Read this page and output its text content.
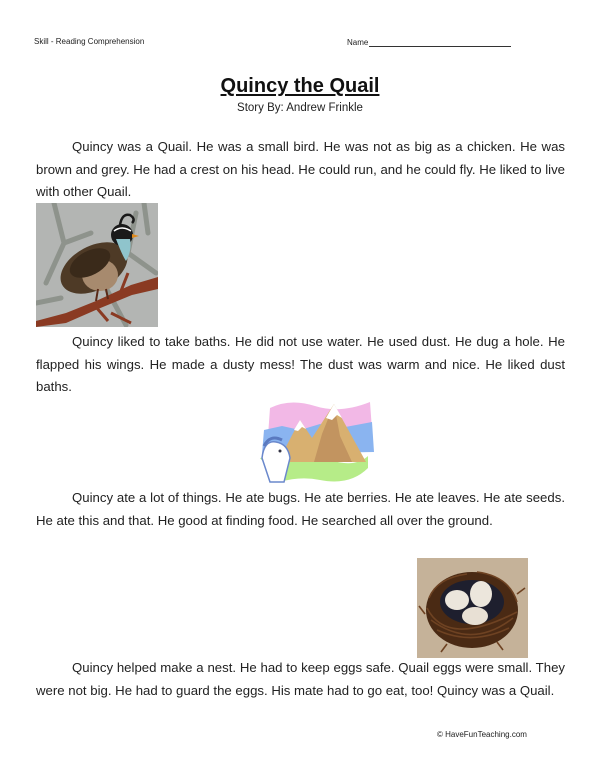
Skill - Reading Comprehension	Name
Quincy the Quail
Story By: Andrew Frinkle

Quincy was a Quail. He was a small bird. He was not as big as a chicken. He was brown and grey. He had a crest on his head. He could run, and he could fly. He liked to live with other Quail.

Quincy liked to take baths. He did not use water. He used dust. He dug a hole. He flapped his wings. He made a dusty mess! The dust was warm and nice. He liked dust baths.

Quincy ate a lot of things. He ate bugs. He ate berries. He ate leaves. He ate seeds. He ate this and that. He good at finding food. He searched all over the ground.

Quincy helped make a nest. He had to keep eggs safe. Quail eggs were small. They were not big. He had to guard the eggs. His mate had to go eat, too! Quincy was a Quail.

© HaveFunTeaching.com
